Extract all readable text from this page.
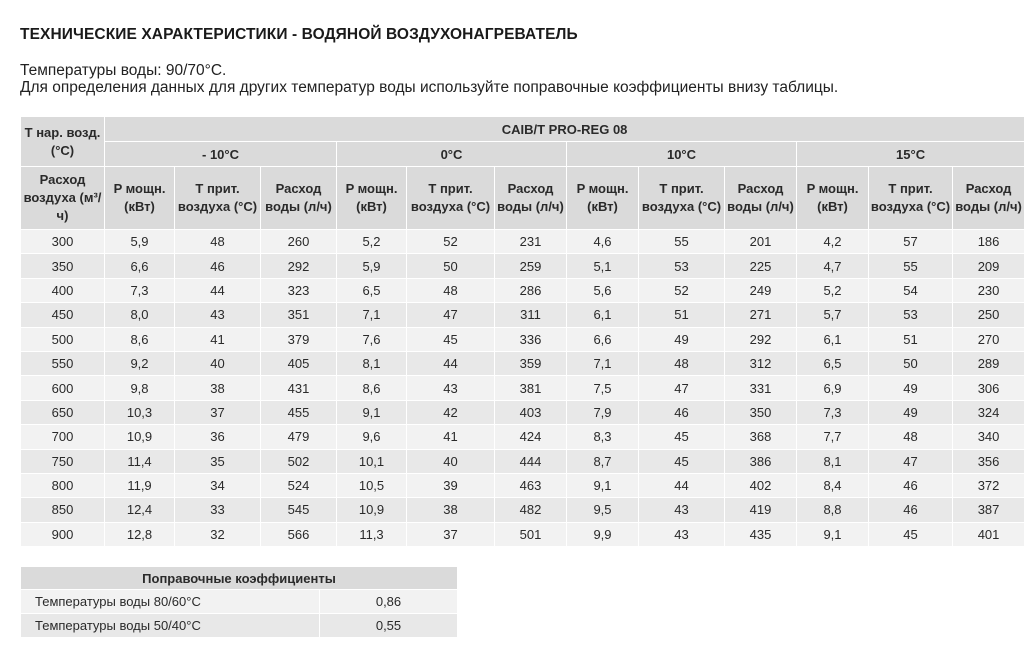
ТЕХНИЧЕСКИЕ ХАРАКТЕРИСТИКИ - ВОДЯНОЙ ВОЗДУХОНАГРЕВАТЕЛЬ
Температуры воды: 90/70°C.
Для определения данных для других температур воды используйте поправочные коэффициенты внизу таблицы.
Т нар. возд. (°C)	CAIB/T PRO-REG 08											
	- 10°C			0°C			10°C			15°C		
Расход воздуха (м³/ч)	P мощн. (кВт)	T прит. воздуха (°C)	Расход воды (л/ч)	P мощн. (кВт)	T прит. воздуха (°C)	Расход воды (л/ч)	P мощн. (кВт)	T прит. воздуха (°C)	Расход воды (л/ч)	P мощн. (кВт)	T прит. воздуха (°C)	Расход воды (л/ч)
300	5,9	48	260	5,2	52	231	4,6	55	201	4,2	57	186
350	6,6	46	292	5,9	50	259	5,1	53	225	4,7	55	209
400	7,3	44	323	6,5	48	286	5,6	52	249	5,2	54	230
450	8,0	43	351	7,1	47	311	6,1	51	271	5,7	53	250
500	8,6	41	379	7,6	45	336	6,6	49	292	6,1	51	270
550	9,2	40	405	8,1	44	359	7,1	48	312	6,5	50	289
600	9,8	38	431	8,6	43	381	7,5	47	331	6,9	49	306
650	10,3	37	455	9,1	42	403	7,9	46	350	7,3	49	324
700	10,9	36	479	9,6	41	424	8,3	45	368	7,7	48	340
750	11,4	35	502	10,1	40	444	8,7	45	386	8,1	47	356
800	11,9	34	524	10,5	39	463	9,1	44	402	8,4	46	372
850	12,4	33	545	10,9	38	482	9,5	43	419	8,8	46	387
900	12,8	32	566	11,3	37	501	9,9	43	435	9,1	45	401
Поправочные коэффициенты	
Температуры воды 80/60°C	0,86
Температуры воды 50/40°C	0,55
